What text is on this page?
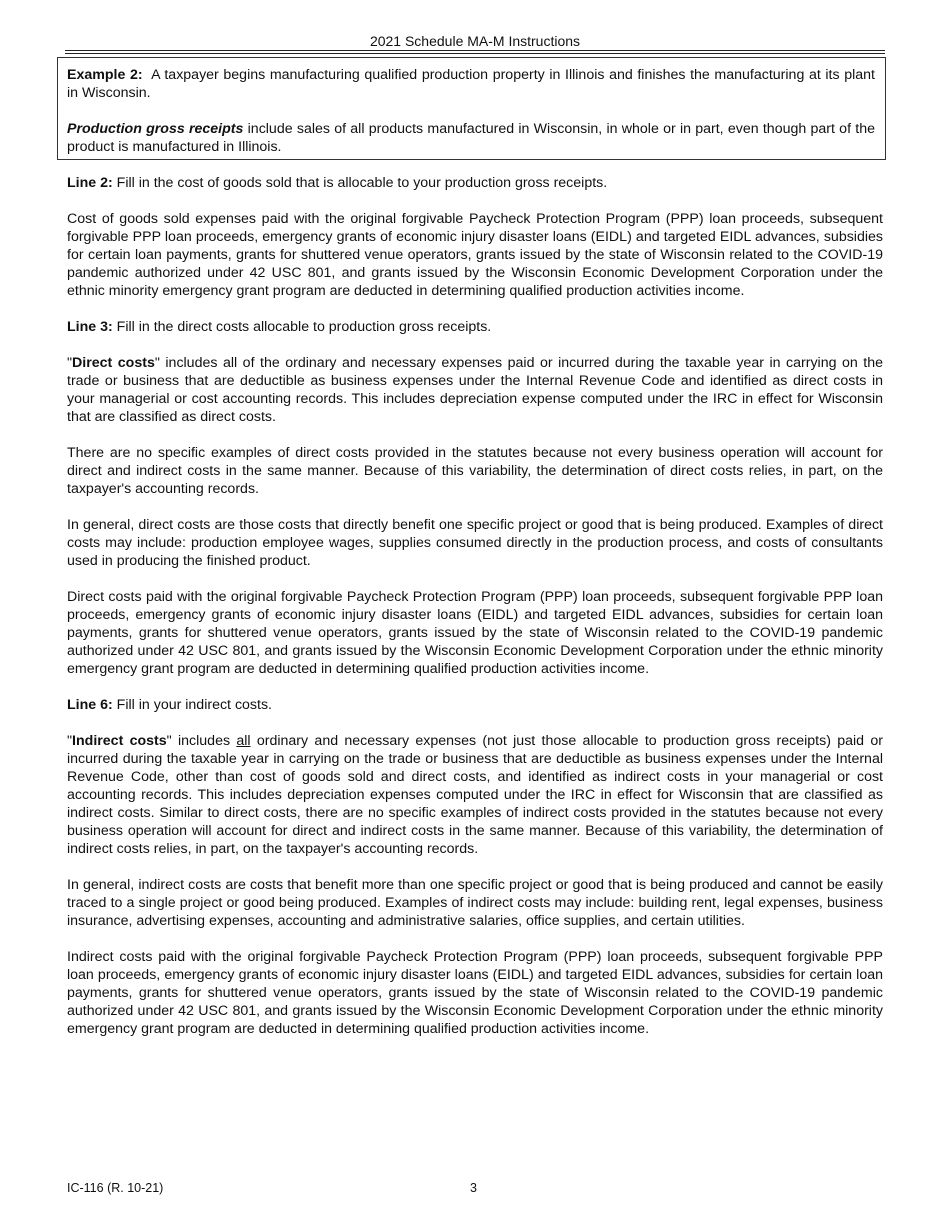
2021 Schedule MA-M Instructions

Example 2: A taxpayer begins manufacturing qualified production property in Illinois and finishes the manufacturing at its plant in Wisconsin.

Production gross receipts include sales of all products manufactured in Wisconsin, in whole or in part, even though part of the product is manufactured in Illinois.

Line 2: Fill in the cost of goods sold that is allocable to your production gross receipts.

Cost of goods sold expenses paid with the original forgivable Paycheck Protection Program (PPP) loan proceeds, subsequent forgivable PPP loan proceeds, emergency grants of economic injury disaster loans (EIDL) and targeted EIDL advances, subsidies for certain loan payments, grants for shuttered venue operators, grants issued by the state of Wisconsin related to the COVID-19 pandemic authorized under 42 USC 801, and grants issued by the Wisconsin Economic Development Corporation under the ethnic minority emergency grant program are deducted in determining qualified production activities income.

Line 3: Fill in the direct costs allocable to production gross receipts.

"Direct costs" includes all of the ordinary and necessary expenses paid or incurred during the taxable year in carrying on the trade or business that are deductible as business expenses under the Internal Revenue Code and identified as direct costs in your managerial or cost accounting records. This includes depreciation expense computed under the IRC in effect for Wisconsin that are classified as direct costs.

There are no specific examples of direct costs provided in the statutes because not every business operation will account for direct and indirect costs in the same manner. Because of this variability, the determination of direct costs relies, in part, on the taxpayer's accounting records.

In general, direct costs are those costs that directly benefit one specific project or good that is being produced. Examples of direct costs may include: production employee wages, supplies consumed directly in the production process, and costs of consultants used in producing the finished product.

Direct costs paid with the original forgivable Paycheck Protection Program (PPP) loan proceeds, subsequent forgivable PPP loan proceeds, emergency grants of economic injury disaster loans (EIDL) and targeted EIDL advances, subsidies for certain loan payments, grants for shuttered venue operators, grants issued by the state of Wisconsin related to the COVID-19 pandemic authorized under 42 USC 801, and grants issued by the Wisconsin Economic Development Corporation under the ethnic minority emergency grant program are deducted in determining qualified production activities income.

Line 6: Fill in your indirect costs.

"Indirect costs" includes all ordinary and necessary expenses (not just those allocable to production gross receipts) paid or incurred during the taxable year in carrying on the trade or business that are deductible as business expenses under the Internal Revenue Code, other than cost of goods sold and direct costs, and identified as indirect costs in your managerial or cost accounting records. This includes depreciation expenses computed under the IRC in effect for Wisconsin that are classified as indirect costs. Similar to direct costs, there are no specific examples of indirect costs provided in the statutes because not every business operation will account for direct and indirect costs in the same manner. Because of this variability, the determination of indirect costs relies, in part, on the taxpayer's accounting records.

In general, indirect costs are costs that benefit more than one specific project or good that is being produced and cannot be easily traced to a single project or good being produced. Examples of indirect costs may include: building rent, legal expenses, business insurance, advertising expenses, accounting and administrative salaries, office supplies, and certain utilities.

Indirect costs paid with the original forgivable Paycheck Protection Program (PPP) loan proceeds, subsequent forgivable PPP loan proceeds, emergency grants of economic injury disaster loans (EIDL) and targeted EIDL advances, subsidies for certain loan payments, grants for shuttered venue operators, grants issued by the state of Wisconsin related to the COVID-19 pandemic authorized under 42 USC 801, and grants issued by the Wisconsin Economic Development Corporation under the ethnic minority emergency grant program are deducted in determining qualified production activities income.

IC-116 (R. 10-21)	3
